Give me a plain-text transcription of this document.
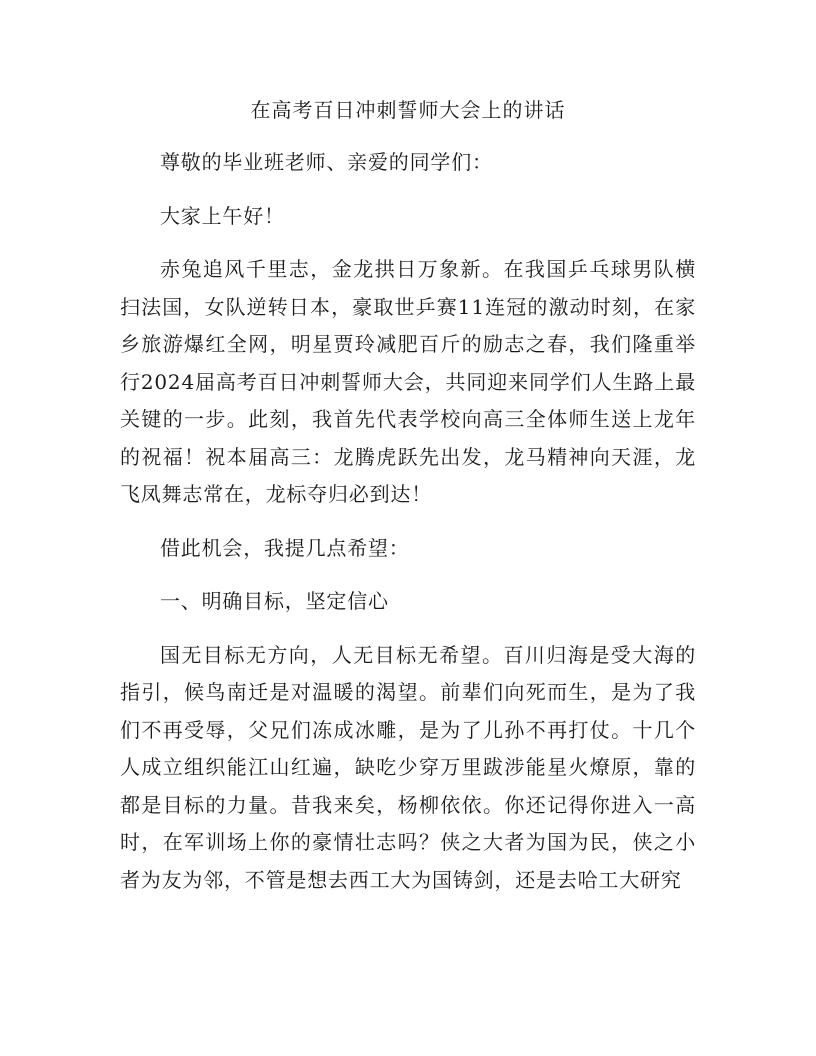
在高考百日冲刺誓师大会上的讲话

尊敬的毕业班老师、亲爱的同学们：

大家上午好！

赤兔追风千里志，金龙拱日万象新。在我国乒乓球男队横扫法国，女队逆转日本，豪取世乒赛11连冠的激动时刻，在家乡旅游爆红全网，明星贾玲减肥百斤的励志之春，我们隆重举行2024届高考百日冲刺誓师大会，共同迎来同学们人生路上最关键的一步。此刻，我首先代表学校向高三全体师生送上龙年的祝福！祝本届高三：龙腾虎跃先出发，龙马精神向天涯，龙飞凤舞志常在，龙标夺归必到达！

借此机会，我提几点希望：

一、明确目标，坚定信心

国无目标无方向，人无目标无希望。百川归海是受大海的指引，候鸟南迁是对温暖的渴望。前辈们向死而生，是为了我们不再受辱，父兄们冻成冰雕，是为了儿孙不再打仗。十几个人成立组织能江山红遍，缺吃少穿万里跋涉能星火燎原，靠的都是目标的力量。昔我来矣，杨柳依依。你还记得你进入一高时，在军训场上你的豪情壮志吗？侠之大者为国为民，侠之小者为友为邻，不管是想去西工大为国铸剑，还是去哈工大研究
